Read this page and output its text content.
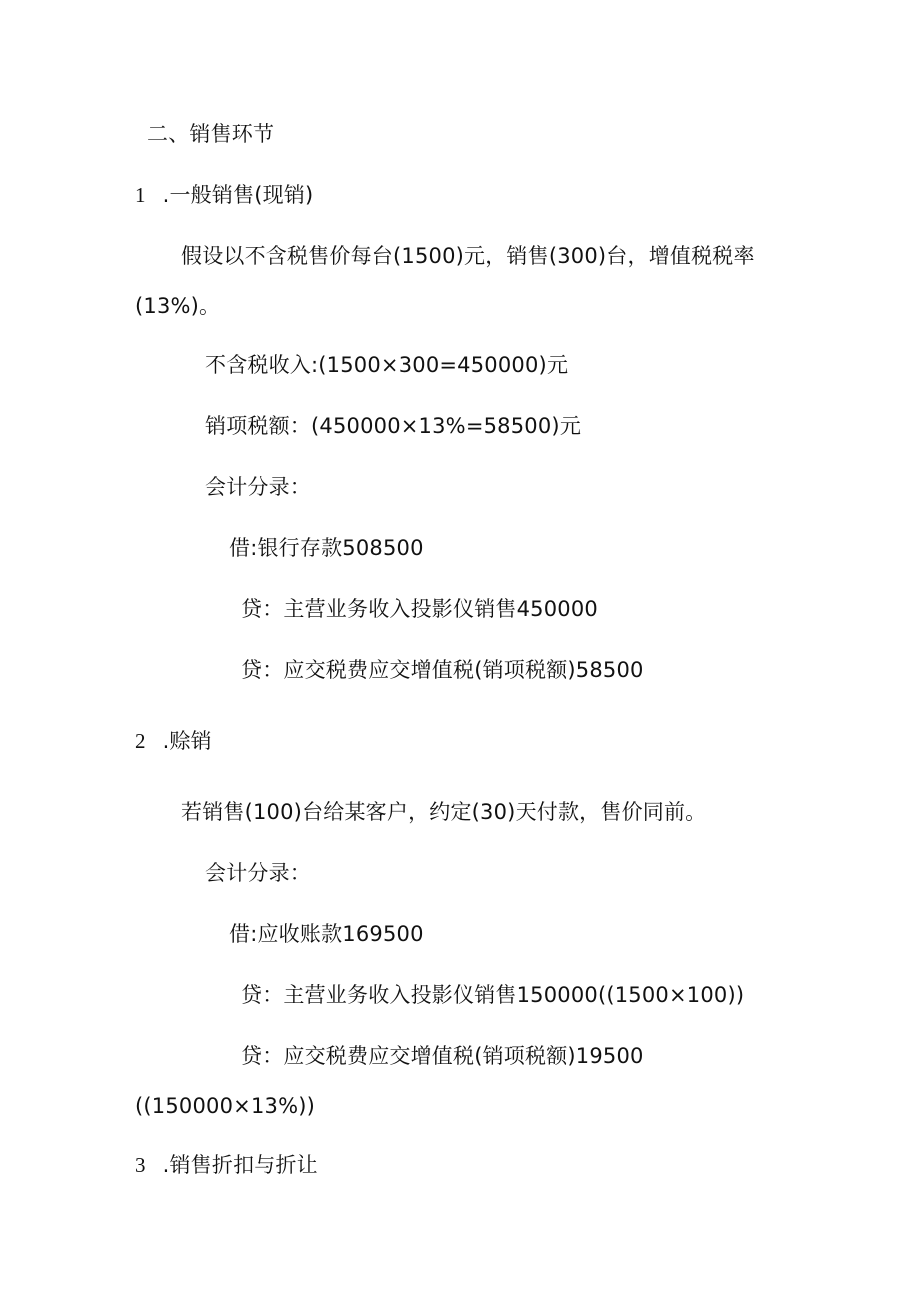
二、销售环节
1 .一般销售(现销)
假设以不含税售价每台(1500)元，销售(300)台，增值税税率
(13%)。
不含税收入:(1500×300=450000)元
销项税额：(450000×13%=58500)元
会计分录：
借:银行存款508500
贷：主营业务收入投影仪销售450000
贷：应交税费应交增值税(销项税额)58500
2 .赊销
若销售(100)台给某客户，约定(30)天付款，售价同前。
会计分录：
借:应收账款169500
贷：主营业务收入投影仪销售150000((1500×100))
贷：应交税费应交增值税(销项税额)19500
((150000×13%))
3 .销售折扣与折让
